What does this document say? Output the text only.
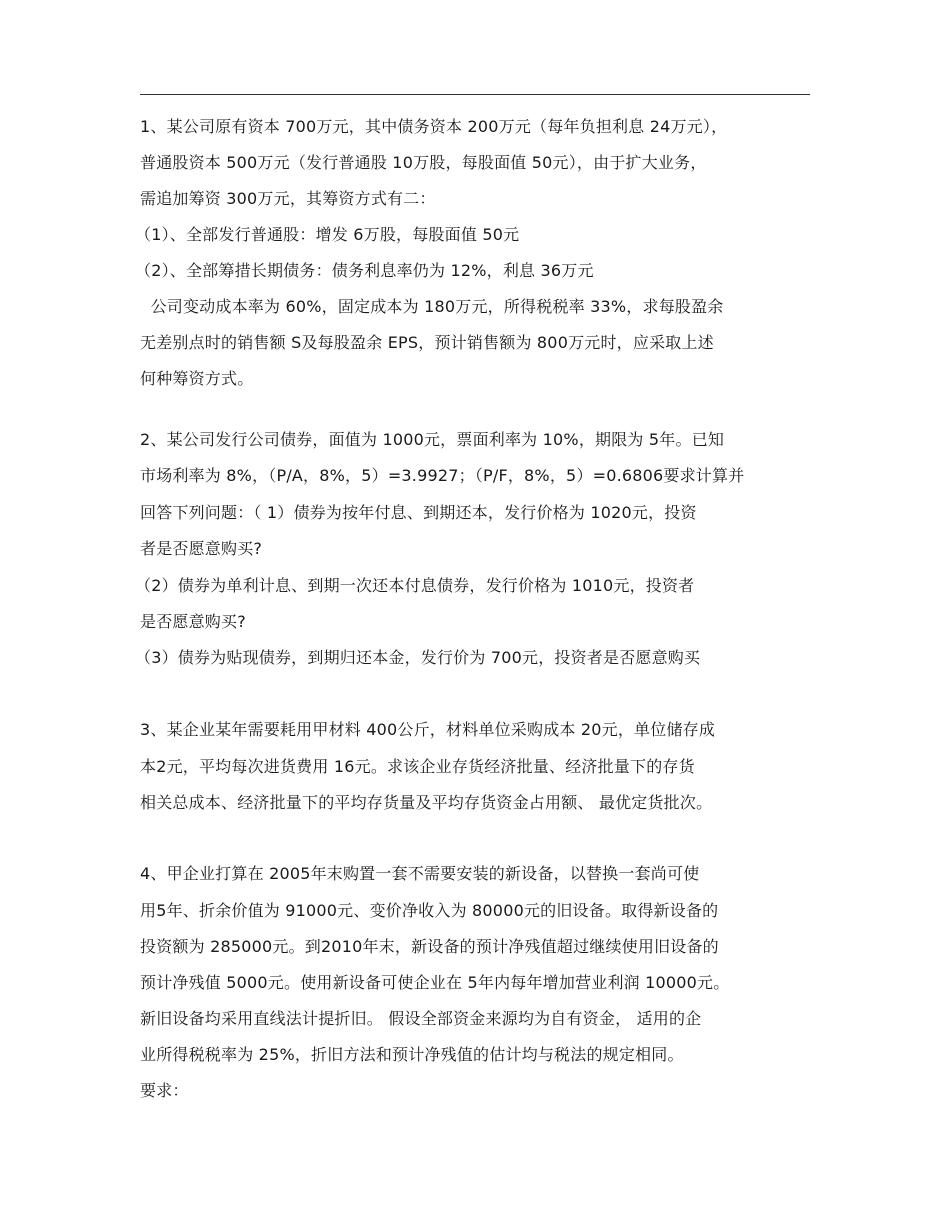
1、某公司原有资本 700万元，其中债务资本 200万元（每年负担利息 24万元），
普通股资本 500万元（发行普通股 10万股，每股面值 50元），由于扩大业务，
需追加筹资 300万元，其筹资方式有二：
（1）、全部发行普通股：增发 6万股，每股面值 50元
（2）、全部筹措长期债务：债务利息率仍为 12%，利息 36万元
公司变动成本率为 60%，固定成本为 180万元，所得税税率 33%，求每股盈余
无差别点时的销售额 S及每股盈余 EPS，预计销售额为 800万元时，应采取上述
何种筹资方式。
2、某公司发行公司债券，面值为 1000元，票面利率为 10%，期限为 5年。已知
市场利率为 8%，（P/A，8%，5）=3.9927；（P/F，8%，5）=0.6806要求计算并
回答下列问题：（ 1）债券为按年付息、到期还本，发行价格为 1020元，投资
者是否愿意购买?
（2）债券为单利计息、到期一次还本付息债券，发行价格为 1010元，投资者
是否愿意购买?
（3）债券为贴现债券，到期归还本金，发行价为 700元，投资者是否愿意购买
3、某企业某年需要耗用甲材料 400公斤，材料单位采购成本 20元，单位储存成
本2元，平均每次进货费用 16元。求该企业存货经济批量、经济批量下的存货
相关总成本、经济批量下的平均存货量及平均存货资金占用额、 最优定货批次。
4、甲企业打算在 2005年末购置一套不需要安装的新设备，以替换一套尚可使
用5年、折余价值为 91000元、变价净收入为 80000元的旧设备。取得新设备的
投资额为 285000元。到2010年末，新设备的预计净残值超过继续使用旧设备的
预计净残值 5000元。使用新设备可使企业在 5年内每年增加营业利润 10000元。
新旧设备均采用直线法计提折旧。 假设全部资金来源均为自有资金， 适用的企
业所得税税率为 25%，折旧方法和预计净残值的估计均与税法的规定相同。
要求：
